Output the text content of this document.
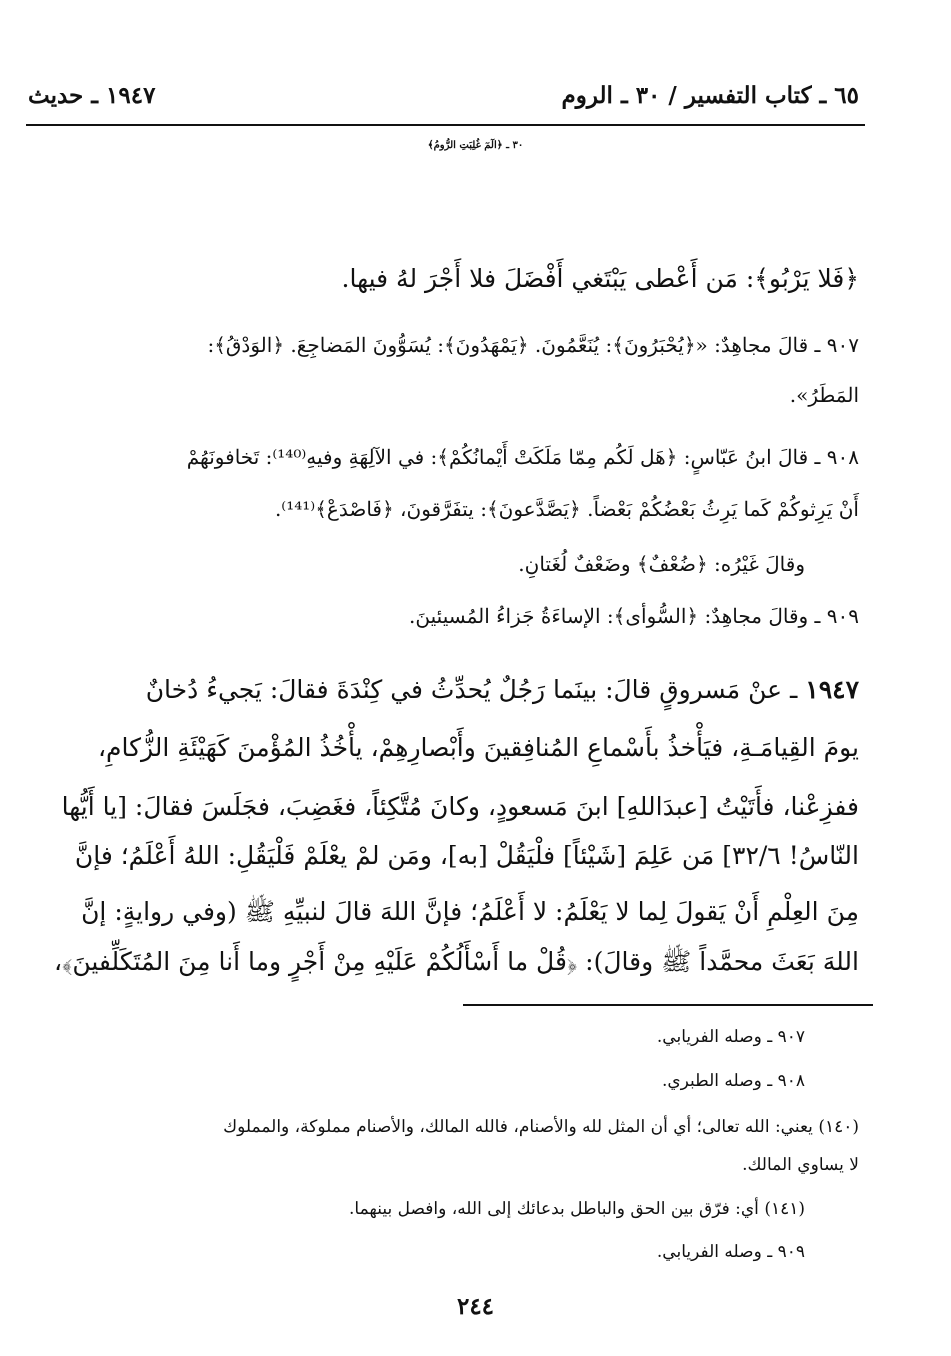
٦٥ ـ كتاب التفسير / ٣٠ ـ الروم
١٩٤٧ ـ حديث
٣٠ ـ ﴿الٓمٓ غُلِبَتِ الرُّومُ﴾
﴿فَلا يَرْبُو﴾: مَن أَعْطى يَبْتَغي أَفْضَلَ فلا أَجْرَ لهُ فيها.
٩٠٧ ـ قالَ مجاهِدٌ: «﴿يُحْبَرُونَ﴾: يُنَعَّمُونَ. ﴿يَمْهَدُونَ﴾: يُسَوُّونَ المَضاجِعَ. ﴿الوَدْقُ﴾:
المَطَرُ».
٩٠٨ ـ قالَ ابنُ عَبّاسٍ: ﴿هَل لَكُم مِمّا مَلَكَتْ أَيْمانُكُمْ﴾: في الآلِهَةِ وفيهِ⁽¹⁴⁰⁾: تَخافونَهُمْ
أَنْ يَرِثوكُمْ كَما يَرِثُ بَعْضُكُمْ بَعْضاً. ﴿يَصَّدَّعونَ﴾: يتفَرَّقونَ، ﴿فَاصْدَعْ﴾⁽¹⁴¹⁾.
وقالَ غَيْرُه: ﴿ضُعْفٌ﴾ وضَعْفٌ لُغَتانِ.
٩٠٩ ـ وقالَ مجاهِدٌ: ﴿السُّوأى﴾: الإساءَةُ جَزاءُ المُسيئينَ.
١٩٤٧ ـ عنْ مَسروقٍ قالَ: بينَما رَجُلٌ يُحدِّثُ في كِنْدَةَ فقالَ: يَجيءُ دُخانٌ
يومَ القِيامَـةِ، فيَأْخذُ بأَسْماعِ المُنافِقينَ وأَبْصارِهِمْ، يأْخُذُ المُؤْمنَ كَهَيْئَةِ الزُّكامِ،
ففزِعْنا، فأَتَيْتُ [عبدَاللهِ] ابنَ مَسعودٍ، وكانَ مُتَّكِئاً، فغَضِبَ، فجَلَسَ فقالَ: [يا أَيُّها
النّاسُ! ٣٢/٦] مَن عَلِمَ [شَيْئاً] فلْيَقُلْ [به]، ومَن لمْ يعْلَمْ فَلْيَقُلِ: اللهُ أَعْلَمُ؛ فإنَّ
مِنَ العِلْمِ أَنْ يَقولَ لِما لا يَعْلَمُ: لا أَعْلَمُ؛ فإنَّ اللهَ قالَ لنبيِّهِ ﷺ (وفي روايةٍ: إنَّ
اللهَ بَعَثَ محمَّداً ﷺ وقالَ): ﴿قُلْ ما أَسْأَلُكُمْ عَلَيْهِ مِنْ أَجْرٍ وما أَنا مِنَ المُتَكَلِّفينَ﴾،
٩٠٧ ـ وصله الفريابي.
٩٠٨ ـ وصله الطبري.
(١٤٠) يعني: الله تعالى؛ أي أن المثل لله والأصنام، فالله المالك، والأصنام مملوكة، والمملوك
لا يساوي المالك.
(١٤١) أي: فرّق بين الحق والباطل بدعائك إلى الله، وافصل بينهما.
٩٠٩ ـ وصله الفريابي.
٢٤٤
